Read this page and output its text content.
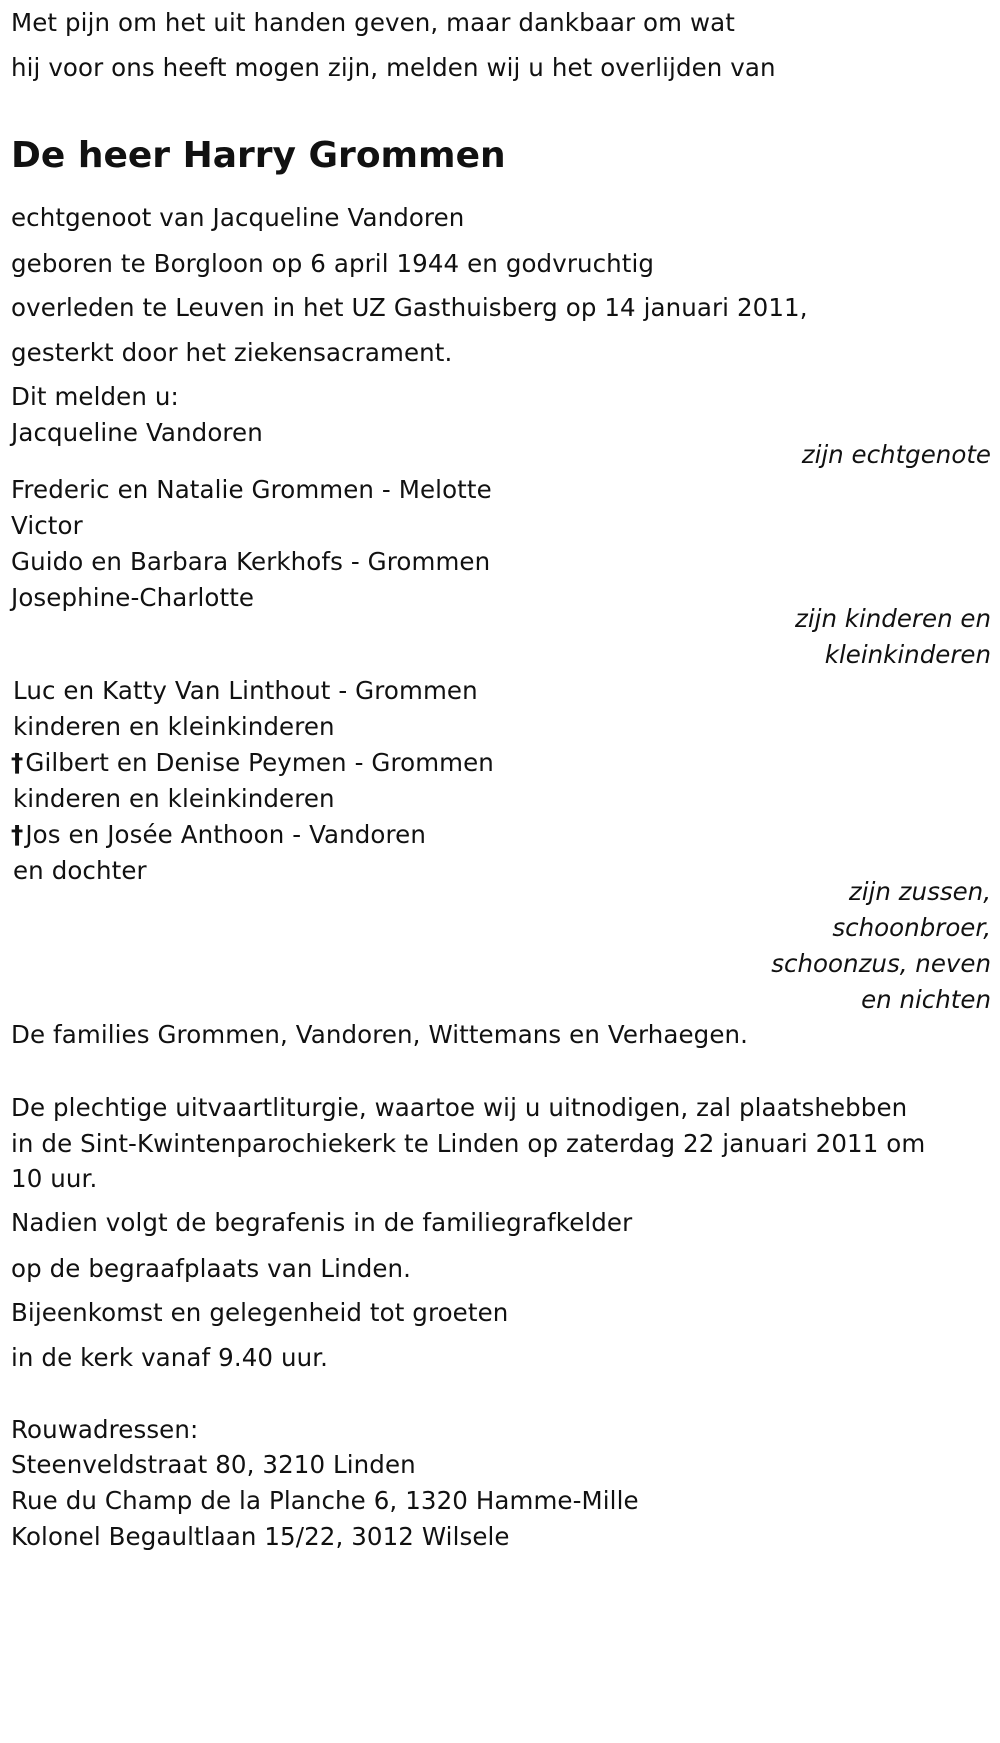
Met pijn om het uit handen geven, maar dankbaar om wat
hij voor ons heeft mogen zijn, melden wij u het overlijden van
De heer Harry Grommen
echtgenoot van Jacqueline Vandoren
geboren te Borgloon op 6 april 1944 en godvruchtig
overleden te Leuven in het UZ Gasthuisberg op 14 januari 2011,
gesterkt door het ziekensacrament.
Dit melden u:
Jacqueline Vandoren
zijn echtgenote
Frederic en Natalie Grommen - Melotte
Victor
Guido en Barbara Kerkhofs - Grommen
Josephine-Charlotte
zijn kinderen en
kleinkinderen
Luc en Katty Van Linthout - Grommen
kinderen en kleinkinderen
†Gilbert en Denise Peymen - Grommen
kinderen en kleinkinderen
†Jos en Josée Anthoon - Vandoren
en dochter
zijn zussen,
schoonbroer,
schoonzus, neven
en nichten
De families Grommen, Vandoren, Wittemans en Verhaegen.
De plechtige uitvaartliturgie, waartoe wij u uitnodigen, zal plaatshebben
in de Sint-Kwintenparochiekerk te Linden op zaterdag 22 januari 2011 om
10 uur.
Nadien volgt de begrafenis in de familiegrafkelder
op de begraafplaats van Linden.
Bijeenkomst en gelegenheid tot groeten
in de kerk vanaf 9.40 uur.
Rouwadressen:
Steenveldstraat 80, 3210 Linden
Rue du Champ de la Planche 6, 1320 Hamme-Mille
Kolonel Begaultlaan 15/22, 3012 Wilsele
